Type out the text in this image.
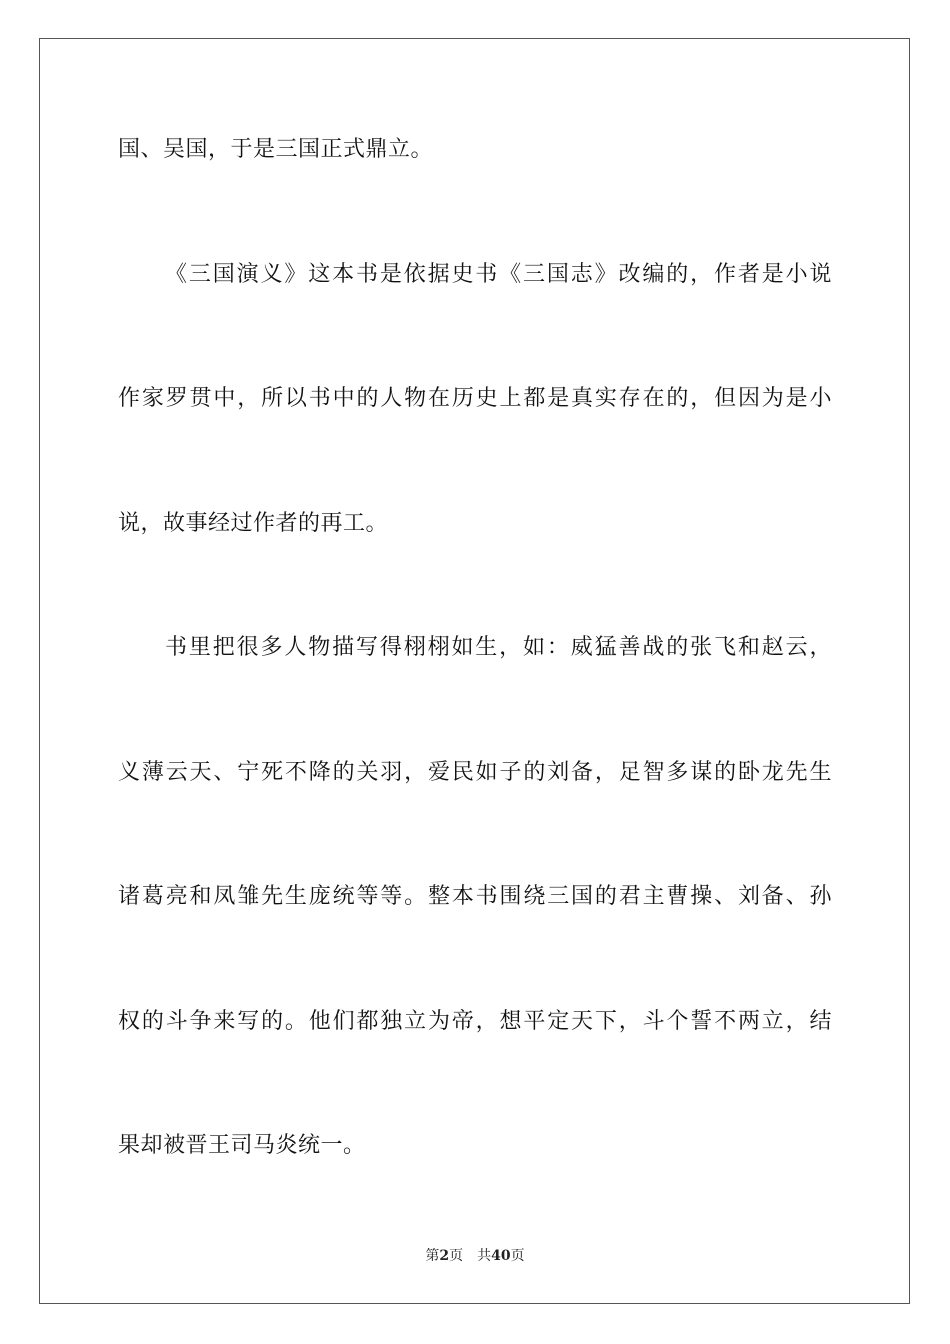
国、吴国，于是三国正式鼎立。
《三国演义》这本书是依据史书《三国志》改编的，作者是小说
作家罗贯中，所以书中的人物在历史上都是真实存在的，但因为是小
说，故事经过作者的再工。
书里把很多人物描写得栩栩如生，如：威猛善战的张飞和赵云，
义薄云天、宁死不降的关羽，爱民如子的刘备，足智多谋的卧龙先生
诸葛亮和凤雏先生庞统等等。整本书围绕三国的君主曹操、刘备、孙
权的斗争来写的。他们都独立为帝，想平定天下，斗个誓不两立，结
果却被晋王司马炎统一。
第2页 共40页
